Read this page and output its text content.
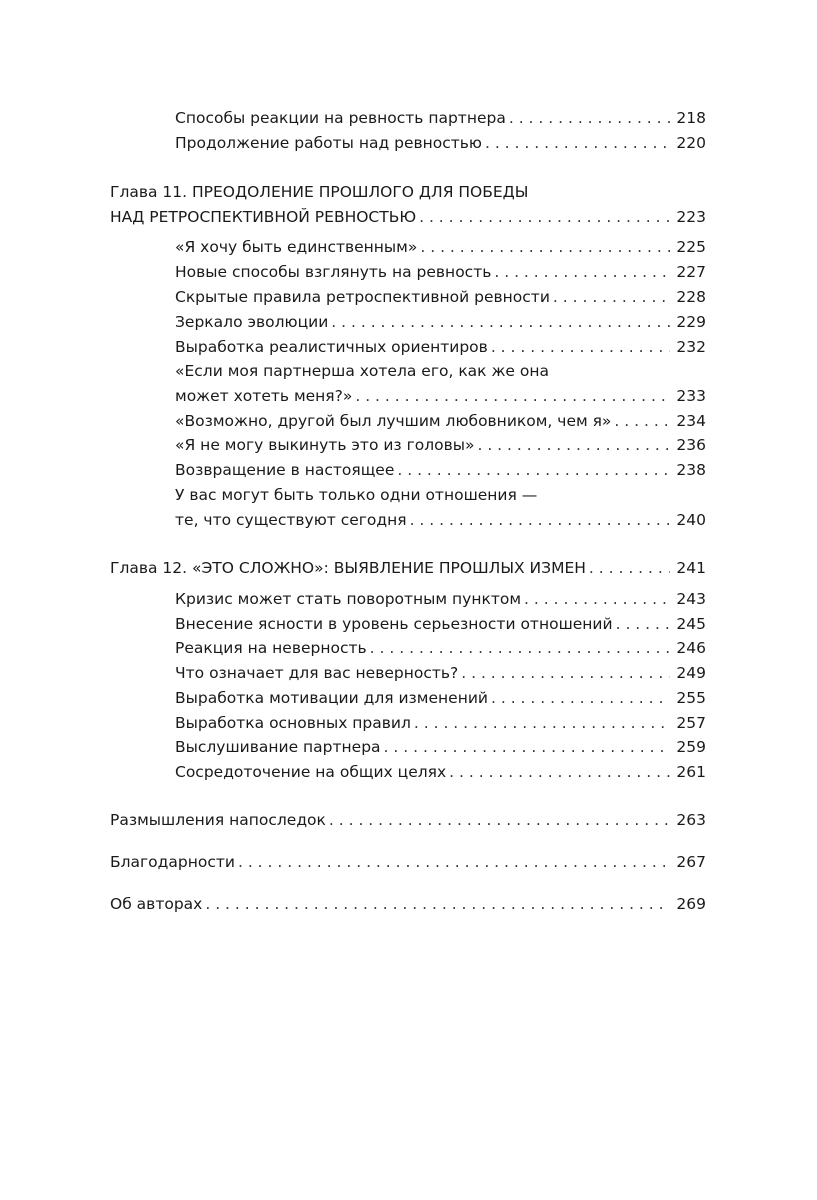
Способы реакции на ревность партнера . . .	218
Продолжение работы над ревностью . . .	220
Глава 11. ПРЕОДОЛЕНИЕ ПРОШЛОГО ДЛЯ ПОБЕДЫ
НАД РЕТРОСПЕКТИВНОЙ РЕВНОСТЬЮ . . .	223
«Я хочу быть единственным» . . .	225
Новые способы взглянуть на ревность . . .	227
Скрытые правила ретроспективной ревности . . .	228
Зеркало эволюции . . .	229
Выработка реалистичных ориентиров . . .	232
«Если моя партнерша хотела его, как же она
может хотеть меня?» . . .	233
«Возможно, другой был лучшим любовником, чем я» . . .	234
«Я не могу выкинуть это из головы» . . .	236
Возвращение в настоящее . . .	238
У вас могут быть только одни отношения —
те, что существуют сегодня . . .	240
Глава 12. «ЭТО СЛОЖНО»: ВЫЯВЛЕНИЕ ПРОШЛЫХ ИЗМЕН . . .	241
Кризис может стать поворотным пунктом . . .	243
Внесение ясности в уровень серьезности отношений . . .	245
Реакция на неверность . . .	246
Что означает для вас неверность? . . .	249
Выработка мотивации для изменений . . .	255
Выработка основных правил . . .	257
Выслушивание партнера . . .	259
Сосредоточение на общих целях . . .	261
Размышления напоследок . . .	263
Благодарности . . .	267
Об авторах . . .	269
